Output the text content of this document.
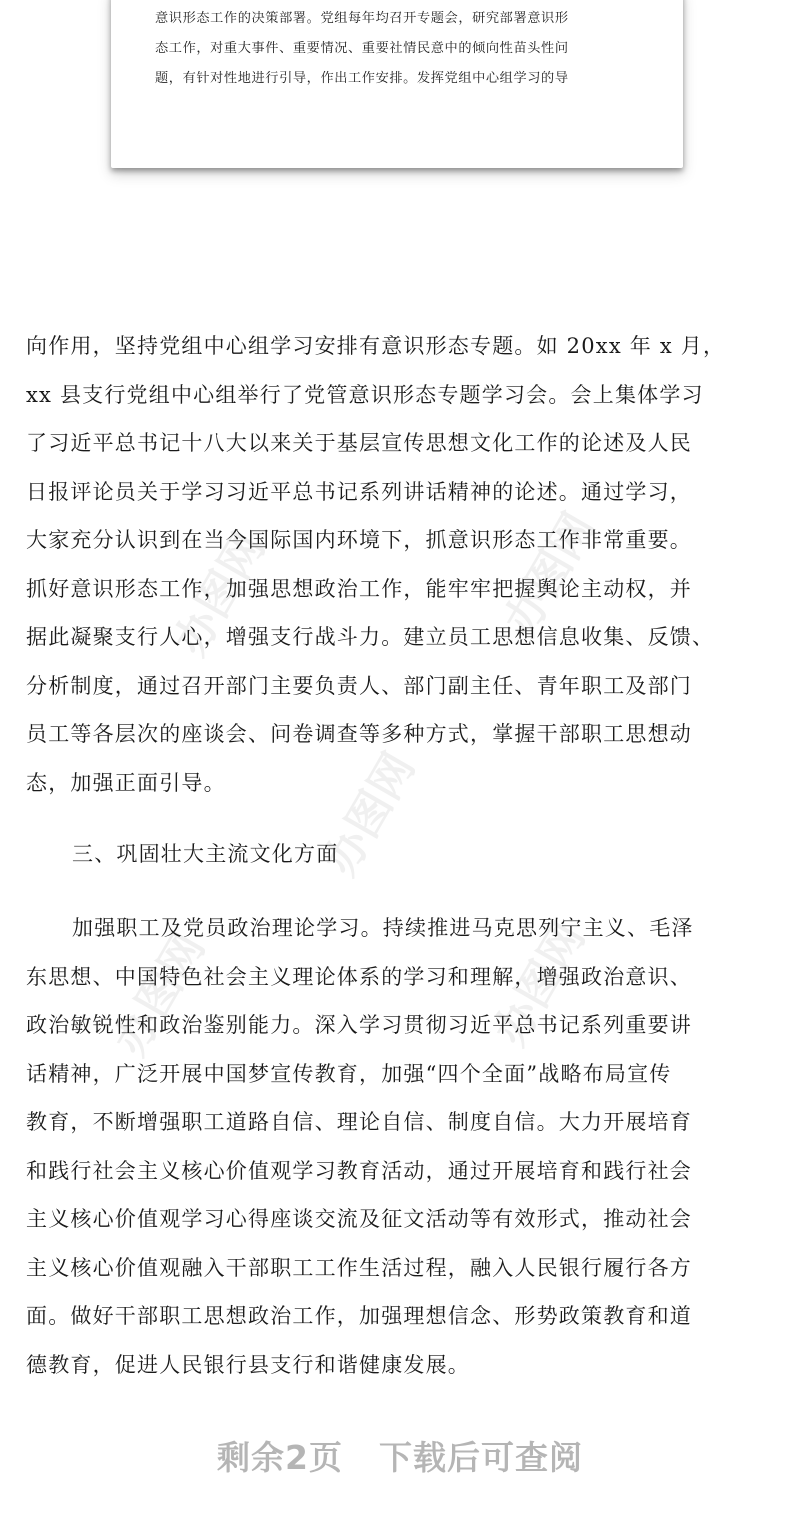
意识形态工作的决策部署。党组每年均召开专题会，研究部署意识形
态工作，对重大事件、重要情况、重要社情民意中的倾向性苗头性问
题，有针对性地进行引导，作出工作安排。发挥党组中心组学习的导
办图网	办图网
办图网
办图网	办图网
向作用，坚持党组中心组学习安排有意识形态专题。如 20xx 年 x 月，
xx 县支行党组中心组举行了党管意识形态专题学习会。会上集体学习
了习近平总书记十八大以来关于基层宣传思想文化工作的论述及人民
日报评论员关于学习习近平总书记系列讲话精神的论述。通过学习，
大家充分认识到在当今国际国内环境下，抓意识形态工作非常重要。
抓好意识形态工作，加强思想政治工作，能牢牢把握舆论主动权，并
据此凝聚支行人心，增强支行战斗力。建立员工思想信息收集、反馈、
分析制度，通过召开部门主要负责人、部门副主任、青年职工及部门
员工等各层次的座谈会、问卷调查等多种方式，掌握干部职工思想动
态，加强正面引导。
三、巩固壮大主流文化方面
加强职工及党员政治理论学习。持续推进马克思列宁主义、毛泽
东思想、中国特色社会主义理论体系的学习和理解，增强政治意识、
政治敏锐性和政治鉴别能力。深入学习贯彻习近平总书记系列重要讲
话精神，广泛开展中国梦宣传教育，加强“四个全面”战略布局宣传
教育，不断增强职工道路自信、理论自信、制度自信。大力开展培育
和践行社会主义核心价值观学习教育活动，通过开展培育和践行社会
主义核心价值观学习心得座谈交流及征文活动等有效形式，推动社会
主义核心价值观融入干部职工工作生活过程，融入人民银行履行各方
面。做好干部职工思想政治工作，加强理想信念、形势政策教育和道
德教育，促进人民银行县支行和谐健康发展。
剩余2页 下载后可查阅
